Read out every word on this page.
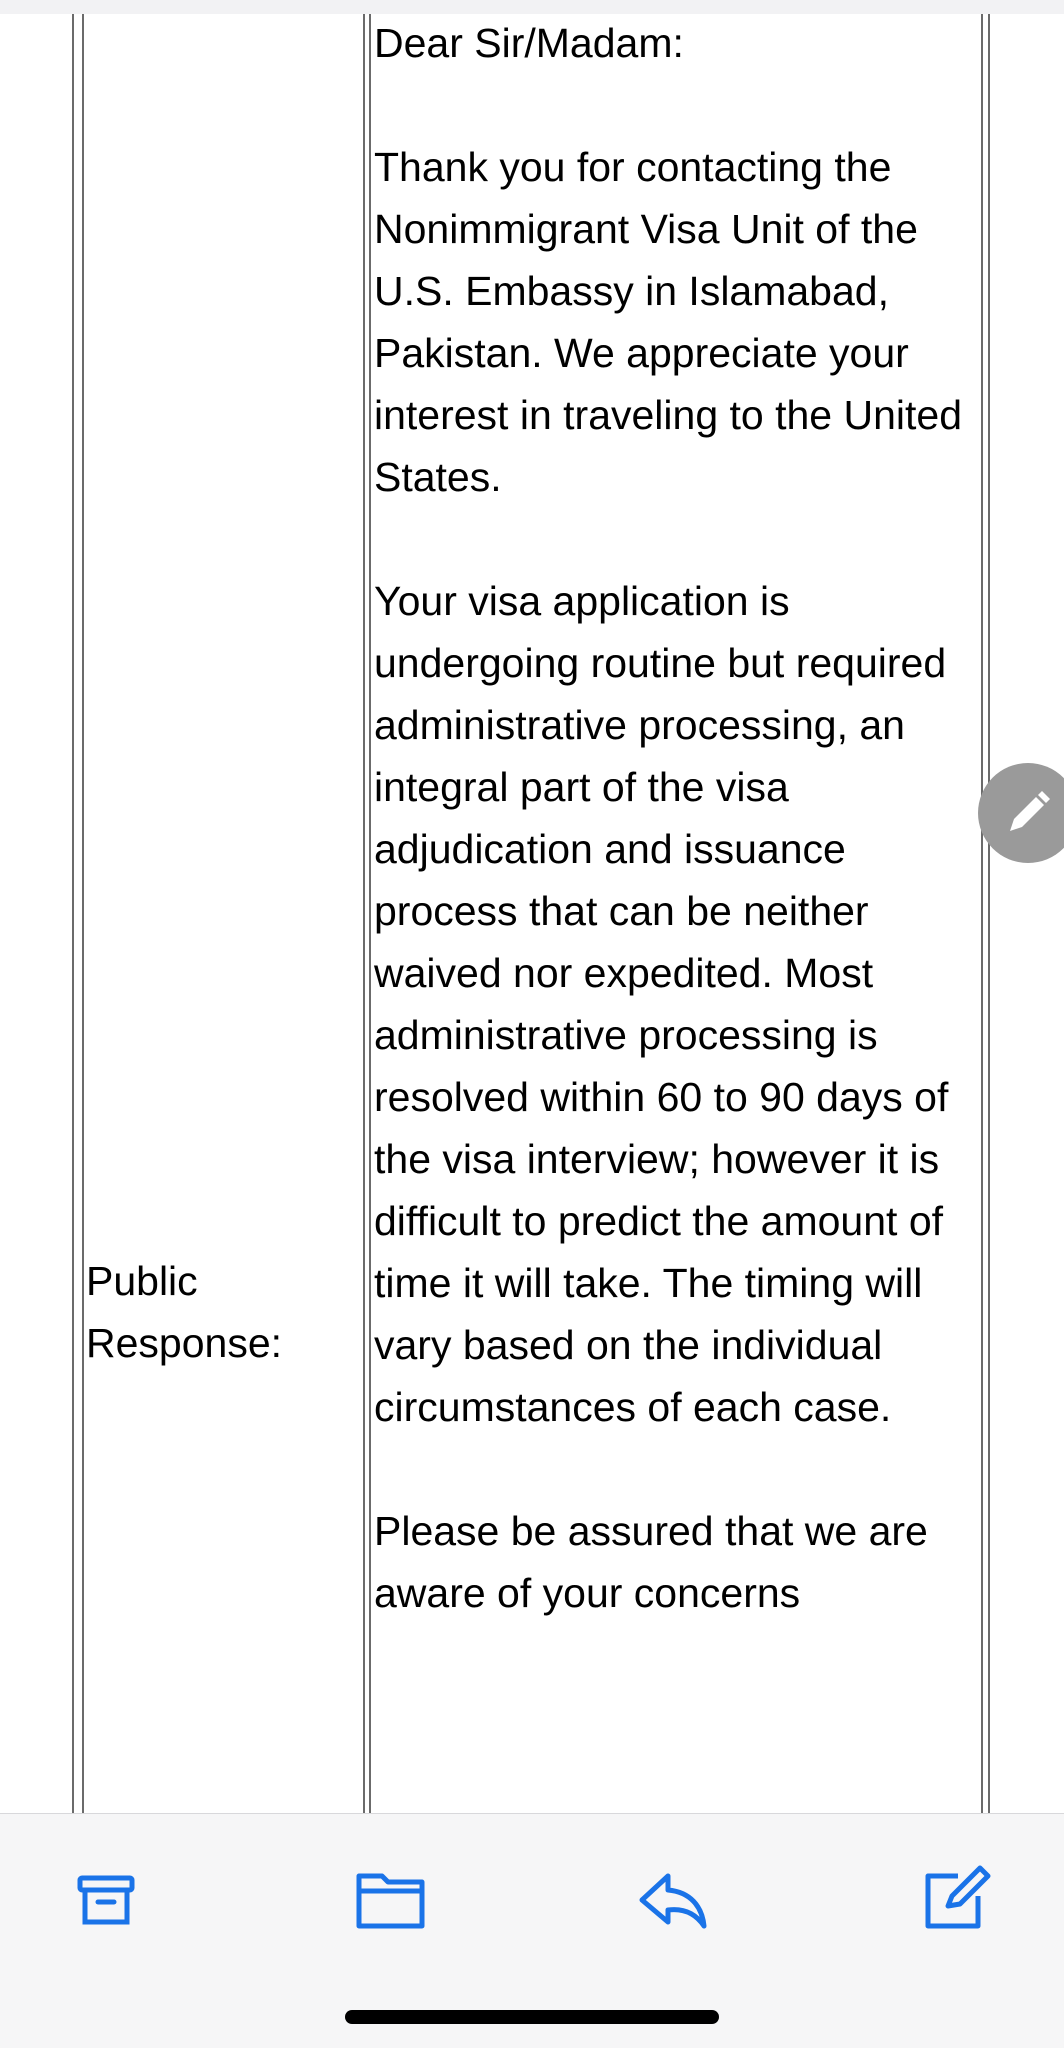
Public
Response:

Dear Sir/Madam:

Thank you for contacting the Nonimmigrant Visa Unit of the U.S. Embassy in Islamabad, Pakistan. We appreciate your interest in traveling to the United States.

Your visa application is undergoing routine but required administrative processing, an integral part of the visa adjudication and issuance process that can be neither waived nor expedited. Most administrative processing is resolved within 60 to 90 days of the visa interview; however it is difficult to predict the amount of time it will take. The timing will vary based on the individual circumstances of each case.

Please be assured that we are aware of your concerns
